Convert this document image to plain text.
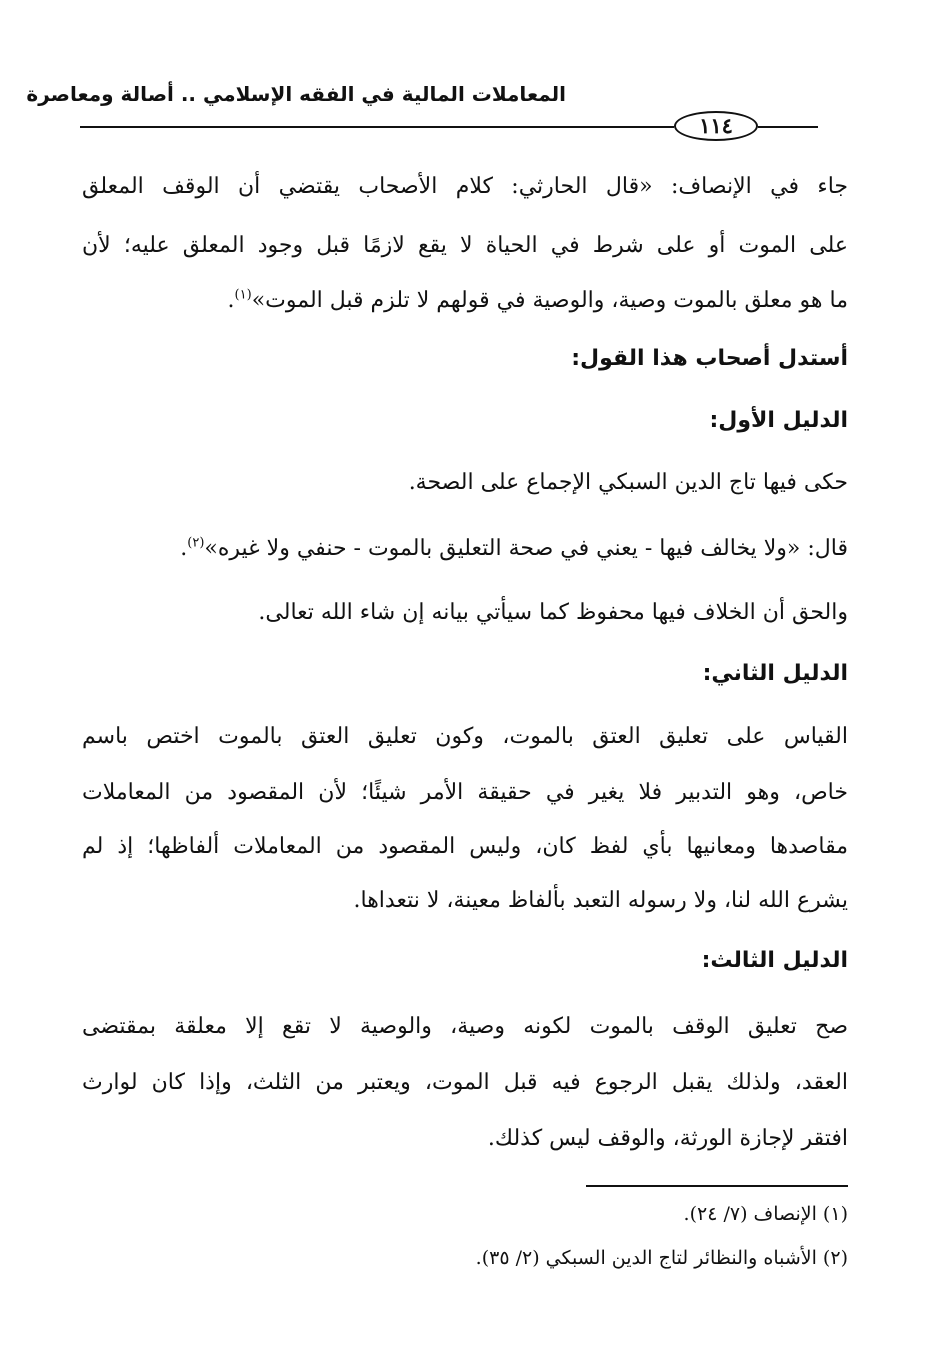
المعاملات المالية في الفقه الإسلامي .. أصالة ومعاصرة
١١٤
جاء في الإنصاف: «قال الحارثي: كلام الأصحاب يقتضي أن الوقف المعلق
على الموت أو على شرط في الحياة لا يقع لازمًا قبل وجود المعلق عليه؛ لأن
ما هو معلق بالموت وصية، والوصية في قولهم لا تلزم قبل الموت»$^{(١)}$.
أستدل أصحاب هذا القول:
الدليل الأول:
حكى فيها تاج الدين السبكي الإجماع على الصحة.
قال: «ولا يخالف فيها - يعني في صحة التعليق بالموت - حنفي ولا غيره»$^{(٢)}$.
والحق أن الخلاف فيها محفوظ كما سيأتي بيانه إن شاء الله تعالى.
الدليل الثاني:
القياس على تعليق العتق بالموت، وكون تعليق العتق بالموت اختص باسم
خاص، وهو التدبير فلا يغير في حقيقة الأمر شيئًا؛ لأن المقصود من المعاملات
مقاصدها ومعانيها بأي لفظ كان، وليس المقصود من المعاملات ألفاظها؛ إذ لم
يشرع الله لنا، ولا رسوله التعبد بألفاظ معينة، لا نتعداها.
الدليل الثالث:
صح تعليق الوقف بالموت لكونه وصية، والوصية لا تقع إلا معلقة بمقتضى
العقد، ولذلك يقبل الرجوع فيه قبل الموت، ويعتبر من الثلث، وإذا كان لوارث
افتقر لإجازة الورثة، والوقف ليس كذلك.
(١) الإنصاف (٧/ ٢٤).
(٢) الأشباه والنظائر لتاج الدين السبكي (٢/ ٣٥).
